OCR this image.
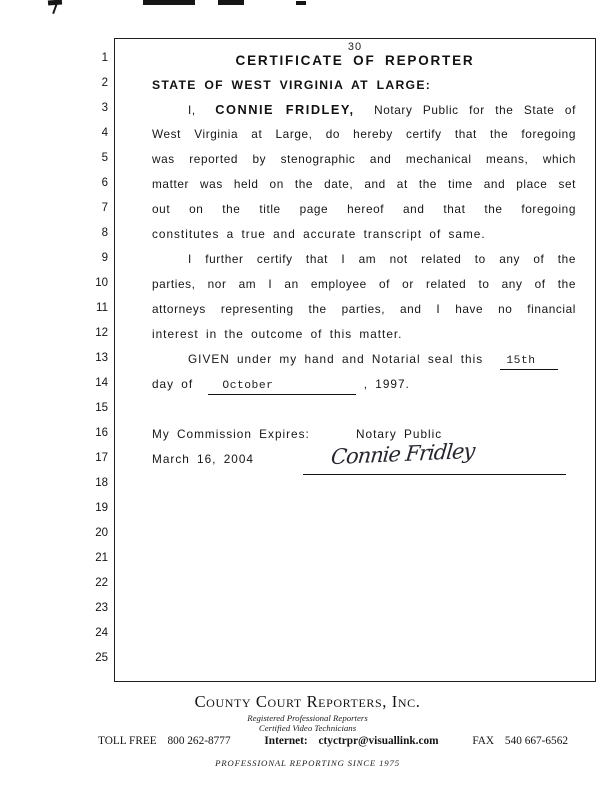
30
1
2
3
4
5
6
7
8
9
10
11
12
13
14
15
16
17
18
19
20
21
22
23
24
25
CERTIFICATE OF REPORTER
STATE OF WEST VIRGINIA AT LARGE:
I, CONNIE FRIDLEY, Notary Public for the State of
West Virginia at Large, do hereby certify that the foregoing
was reported by stenographic and mechanical means, which
matter was held on the date, and at the time and place set
out on the title page hereof and that the foregoing
constitutes a true and accurate transcript of same.
I further certify that I am not related to any of the
parties, nor am I an employee of or related to any of the
attorneys representing the parties, and I have no financial
interest in the outcome of this matter.
GIVEN under my hand and Notarial seal this 15th
day of	October	, 1997.
My Commission Expires:	Notary Public
March 16, 2004	Connie Fridley
County Court Reporters, Inc.
Registered Professional Reporters
Certified Video Technicians
TOLL FREE 800 262-8777	Internet: ctyctrpr@visuallink.com	FAX 540 667-6562
PROFESSIONAL REPORTING SINCE 1975
